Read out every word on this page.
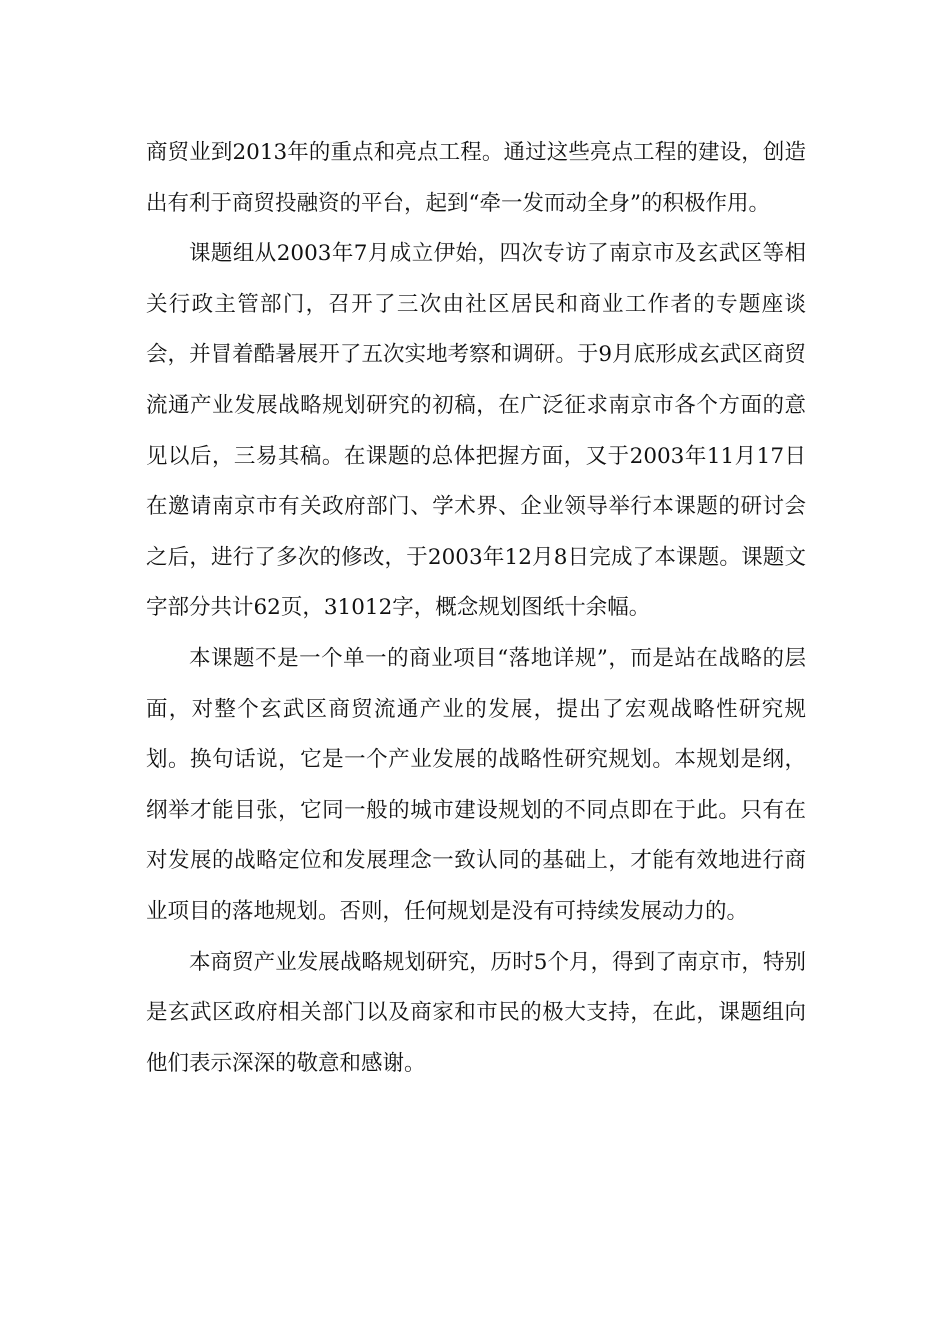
商贸业到2013年的重点和亮点工程。通过这些亮点工程的建设，创造出有利于商贸投融资的平台，起到“牵一发而动全身”的积极作用。

课题组从2003年7月成立伊始，四次专访了南京市及玄武区等相关行政主管部门，召开了三次由社区居民和商业工作者的专题座谈会，并冒着酷暑展开了五次实地考察和调研。于9月底形成玄武区商贸流通产业发展战略规划研究的初稿，在广泛征求南京市各个方面的意见以后，三易其稿。在课题的总体把握方面，又于2003年11月17日在邀请南京市有关政府部门、学术界、企业领导举行本课题的研讨会之后，进行了多次的修改，于2003年12月8日完成了本课题。课题文字部分共计62页，31012字，概念规划图纸十余幅。

本课题不是一个单一的商业项目“落地详规”，而是站在战略的层面，对整个玄武区商贸流通产业的发展，提出了宏观战略性研究规划。换句话说，它是一个产业发展的战略性研究规划。本规划是纲，纲举才能目张，它同一般的城市建设规划的不同点即在于此。只有在对发展的战略定位和发展理念一致认同的基础上，才能有效地进行商业项目的落地规划。否则，任何规划是没有可持续发展动力的。

本商贸产业发展战略规划研究，历时5个月，得到了南京市，特别是玄武区政府相关部门以及商家和市民的极大支持，在此，课题组向他们表示深深的敬意和感谢。
